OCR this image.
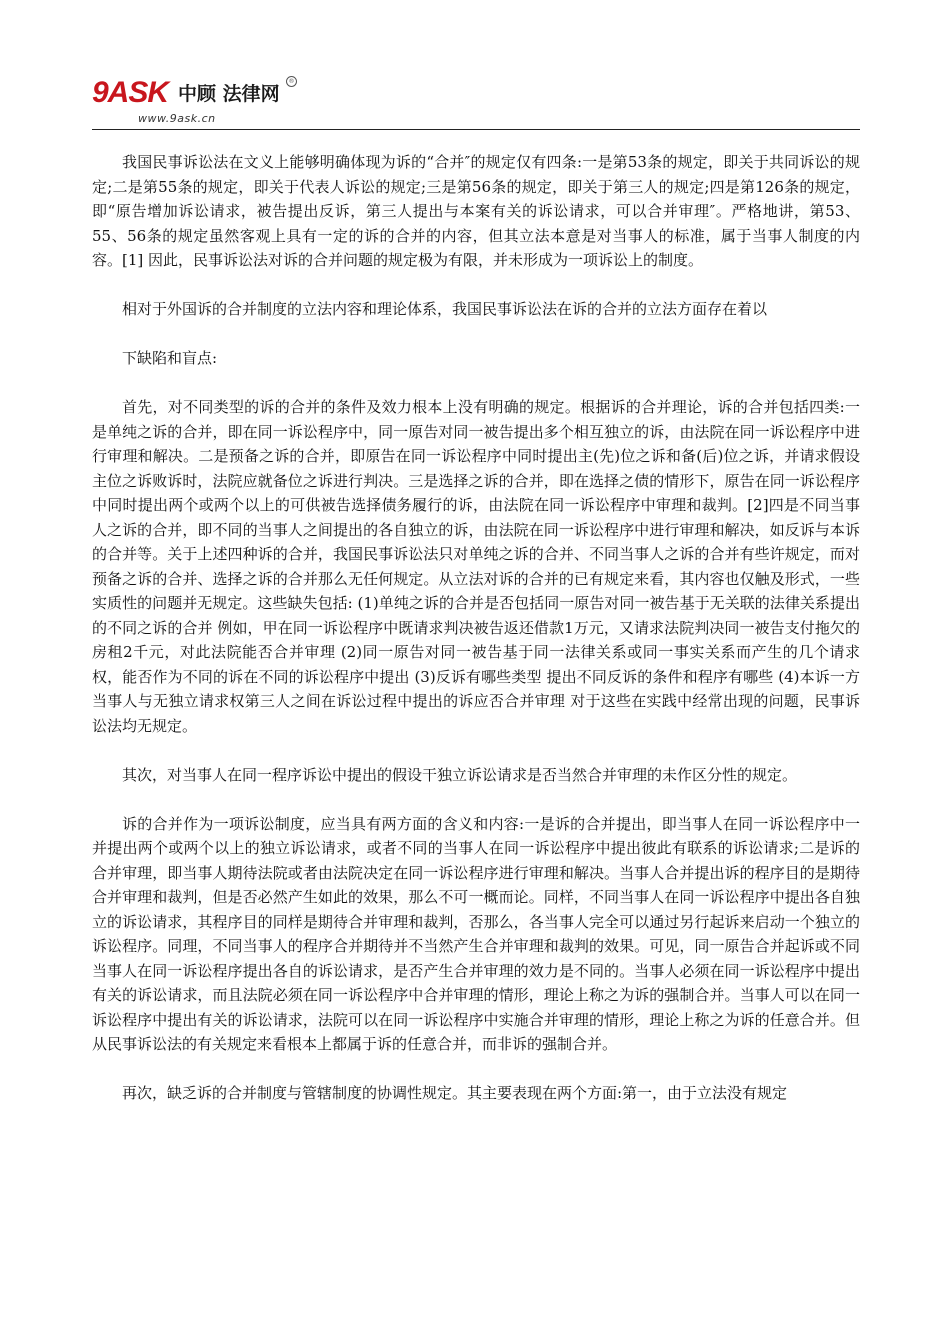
9ASK 中顾 法律网
®
www.9ask.cn

我国民事诉讼法在文义上能够明确体现为诉的“合并″的规定仅有四条:一是第53条的规定，即关于共同诉讼的规定;二是第55条的规定，即关于代表人诉讼的规定;三是第56条的规定，即关于第三人的规定;四是第126条的规定，即“原告增加诉讼请求，被告提出反诉，第三人提出与本案有关的诉讼请求，可以合并审理″。严格地讲，第53、55、56条的规定虽然客观上具有一定的诉的合并的内容，但其立法本意是对当事人的标准，属于当事人制度的内容。[1] 因此，民事诉讼法对诉的合并问题的规定极为有限，并未形成为一项诉讼上的制度。

相对于外国诉的合并制度的立法内容和理论体系，我国民事诉讼法在诉的合并的立法方面存在着以

下缺陷和盲点:

首先，对不同类型的诉的合并的条件及效力根本上没有明确的规定。根据诉的合并理论，诉的合并包括四类:一是单纯之诉的合并，即在同一诉讼程序中，同一原告对同一被告提出多个相互独立的诉，由法院在同一诉讼程序中进行审理和解决。二是预备之诉的合并，即原告在同一诉讼程序中同时提出主(先)位之诉和备(后)位之诉，并请求假设主位之诉败诉时，法院应就备位之诉进行判决。三是选择之诉的合并，即在选择之债的情形下，原告在同一诉讼程序中同时提出两个或两个以上的可供被告选择债务履行的诉，由法院在同一诉讼程序中审理和裁判。[2]四是不同当事人之诉的合并，即不同的当事人之间提出的各自独立的诉，由法院在同一诉讼程序中进行审理和解决，如反诉与本诉的合并等。关于上述四种诉的合并，我国民事诉讼法只对单纯之诉的合并、不同当事人之诉的合并有些许规定，而对预备之诉的合并、选择之诉的合并那么无任何规定。从立法对诉的合并的已有规定来看，其内容也仅触及形式，一些实质性的问题并无规定。这些缺失包括: (1)单纯之诉的合并是否包括同一原告对同一被告基于无关联的法律关系提出的不同之诉的合并 例如，甲在同一诉讼程序中既请求判决被告返还借款1万元，又请求法院判决同一被告支付拖欠的房租2千元，对此法院能否合并审理 (2)同一原告对同一被告基于同一法律关系或同一事实关系而产生的几个请求权，能否作为不同的诉在不同的诉讼程序中提出 (3)反诉有哪些类型 提出不同反诉的条件和程序有哪些 (4)本诉一方当事人与无独立请求权第三人之间在诉讼过程中提出的诉应否合并审理 对于这些在实践中经常出现的问题，民事诉讼法均无规定。

其次，对当事人在同一程序诉讼中提出的假设干独立诉讼请求是否当然合并审理的未作区分性的规定。

诉的合并作为一项诉讼制度，应当具有两方面的含义和内容:一是诉的合并提出，即当事人在同一诉讼程序中一并提出两个或两个以上的独立诉讼请求，或者不同的当事人在同一诉讼程序中提出彼此有联系的诉讼请求;二是诉的合并审理，即当事人期待法院或者由法院决定在同一诉讼程序进行审理和解决。当事人合并提出诉的程序目的是期待合并审理和裁判，但是否必然产生如此的效果，那么不可一概而论。同样，不同当事人在同一诉讼程序中提出各自独立的诉讼请求，其程序目的同样是期待合并审理和裁判，否那么，各当事人完全可以通过另行起诉来启动一个独立的诉讼程序。同理，不同当事人的程序合并期待并不当然产生合并审理和裁判的效果。可见，同一原告合并起诉或不同当事人在同一诉讼程序提出各自的诉讼请求，是否产生合并审理的效力是不同的。当事人必须在同一诉讼程序中提出有关的诉讼请求，而且法院必须在同一诉讼程序中合并审理的情形，理论上称之为诉的强制合并。当事人可以在同一诉讼程序中提出有关的诉讼请求，法院可以在同一诉讼程序中实施合并审理的情形，理论上称之为诉的任意合并。但从民事诉讼法的有关规定来看根本上都属于诉的任意合并，而非诉的强制合并。

再次，缺乏诉的合并制度与管辖制度的协调性规定。其主要表现在两个方面:第一，由于立法没有规定
